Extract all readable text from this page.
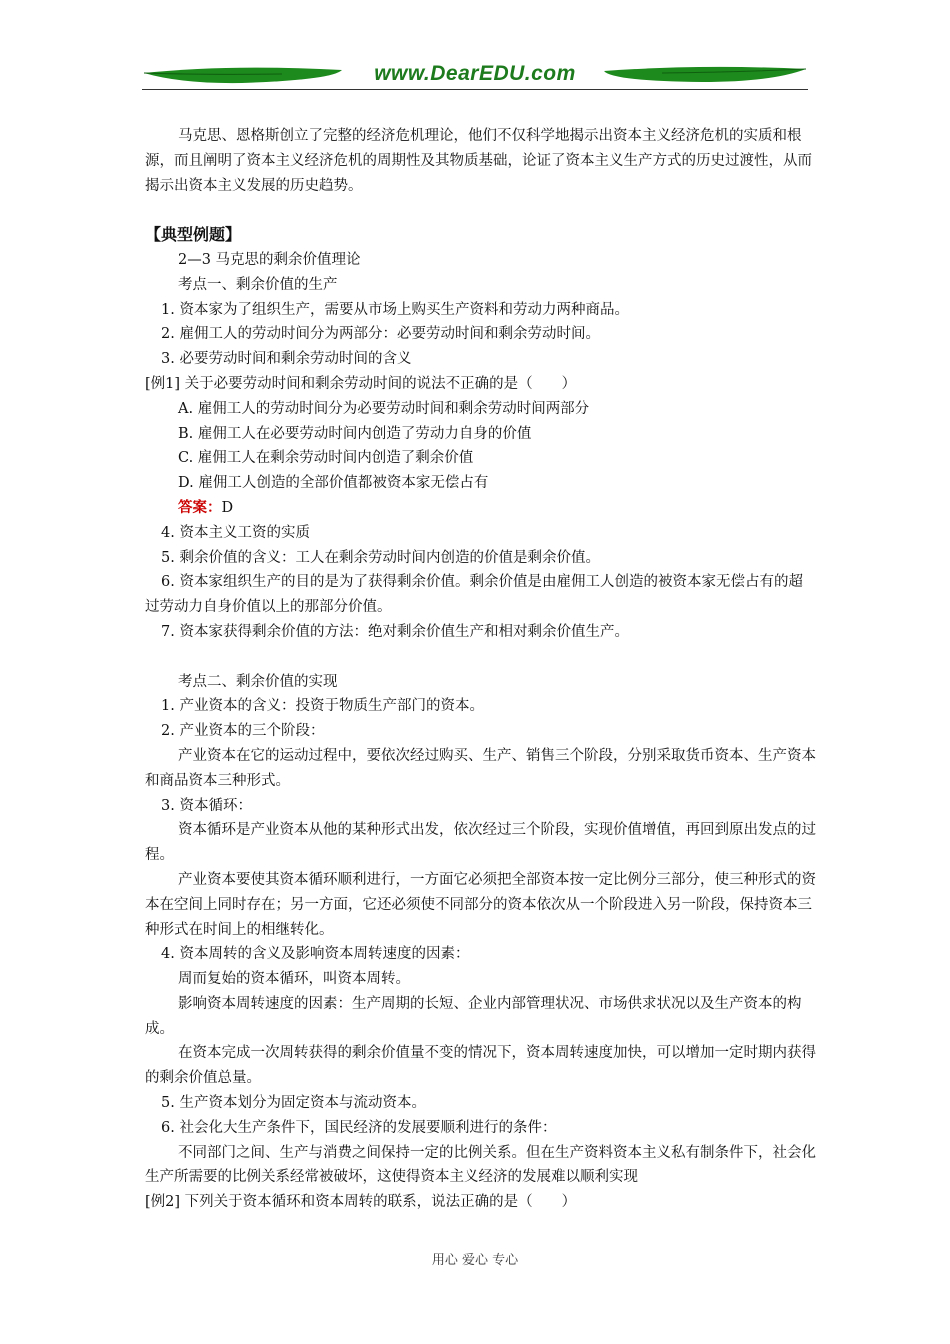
www.DearEDU.com

马克思、恩格斯创立了完整的经济危机理论，他们不仅科学地揭示出资本主义经济危机的实质和根源，而且阐明了资本主义经济危机的周期性及其物质基础，论证了资本主义生产方式的历史过渡性，从而揭示出资本主义发展的历史趋势。

【典型例题】

2—3 马克思的剩余价值理论

考点一、剩余价值的生产

1. 资本家为了组织生产，需要从市场上购买生产资料和劳动力两种商品。

2. 雇佣工人的劳动时间分为两部分：必要劳动时间和剩余劳动时间。

3. 必要劳动时间和剩余劳动时间的含义

[例1] 关于必要劳动时间和剩余劳动时间的说法不正确的是（　　）

A. 雇佣工人的劳动时间分为必要劳动时间和剩余劳动时间两部分

B. 雇佣工人在必要劳动时间内创造了劳动力自身的价值

C. 雇佣工人在剩余劳动时间内创造了剩余价值

D. 雇佣工人创造的全部价值都被资本家无偿占有

答案：D

4. 资本主义工资的实质

5. 剩余价值的含义：工人在剩余劳动时间内创造的价值是剩余价值。

6. 资本家组织生产的目的是为了获得剩余价值。剩余价值是由雇佣工人创造的被资本家无偿占有的超过劳动力自身价值以上的那部分价值。

7. 资本家获得剩余价值的方法：绝对剩余价值生产和相对剩余价值生产。

考点二、剩余价值的实现

1. 产业资本的含义：投资于物质生产部门的资本。

2. 产业资本的三个阶段：

产业资本在它的运动过程中，要依次经过购买、生产、销售三个阶段，分别采取货币资本、生产资本和商品资本三种形式。

3. 资本循环：

资本循环是产业资本从他的某种形式出发，依次经过三个阶段，实现价值增值，再回到原出发点的过程。

产业资本要使其资本循环顺利进行，一方面它必须把全部资本按一定比例分三部分，使三种形式的资本在空间上同时存在；另一方面，它还必须使不同部分的资本依次从一个阶段进入另一阶段，保持资本三种形式在时间上的相继转化。

4. 资本周转的含义及影响资本周转速度的因素：

周而复始的资本循环，叫资本周转。

影响资本周转速度的因素：生产周期的长短、企业内部管理状况、市场供求状况以及生产资本的构成。

在资本完成一次周转获得的剩余价值量不变的情况下，资本周转速度加快，可以增加一定时期内获得的剩余价值总量。

5. 生产资本划分为固定资本与流动资本。

6. 社会化大生产条件下，国民经济的发展要顺利进行的条件：

不同部门之间、生产与消费之间保持一定的比例关系。但在生产资料资本主义私有制条件下，社会化生产所需要的比例关系经常被破坏，这使得资本主义经济的发展难以顺利实现

[例2] 下列关于资本循环和资本周转的联系，说法正确的是（　　）

用心 爱心 专心
